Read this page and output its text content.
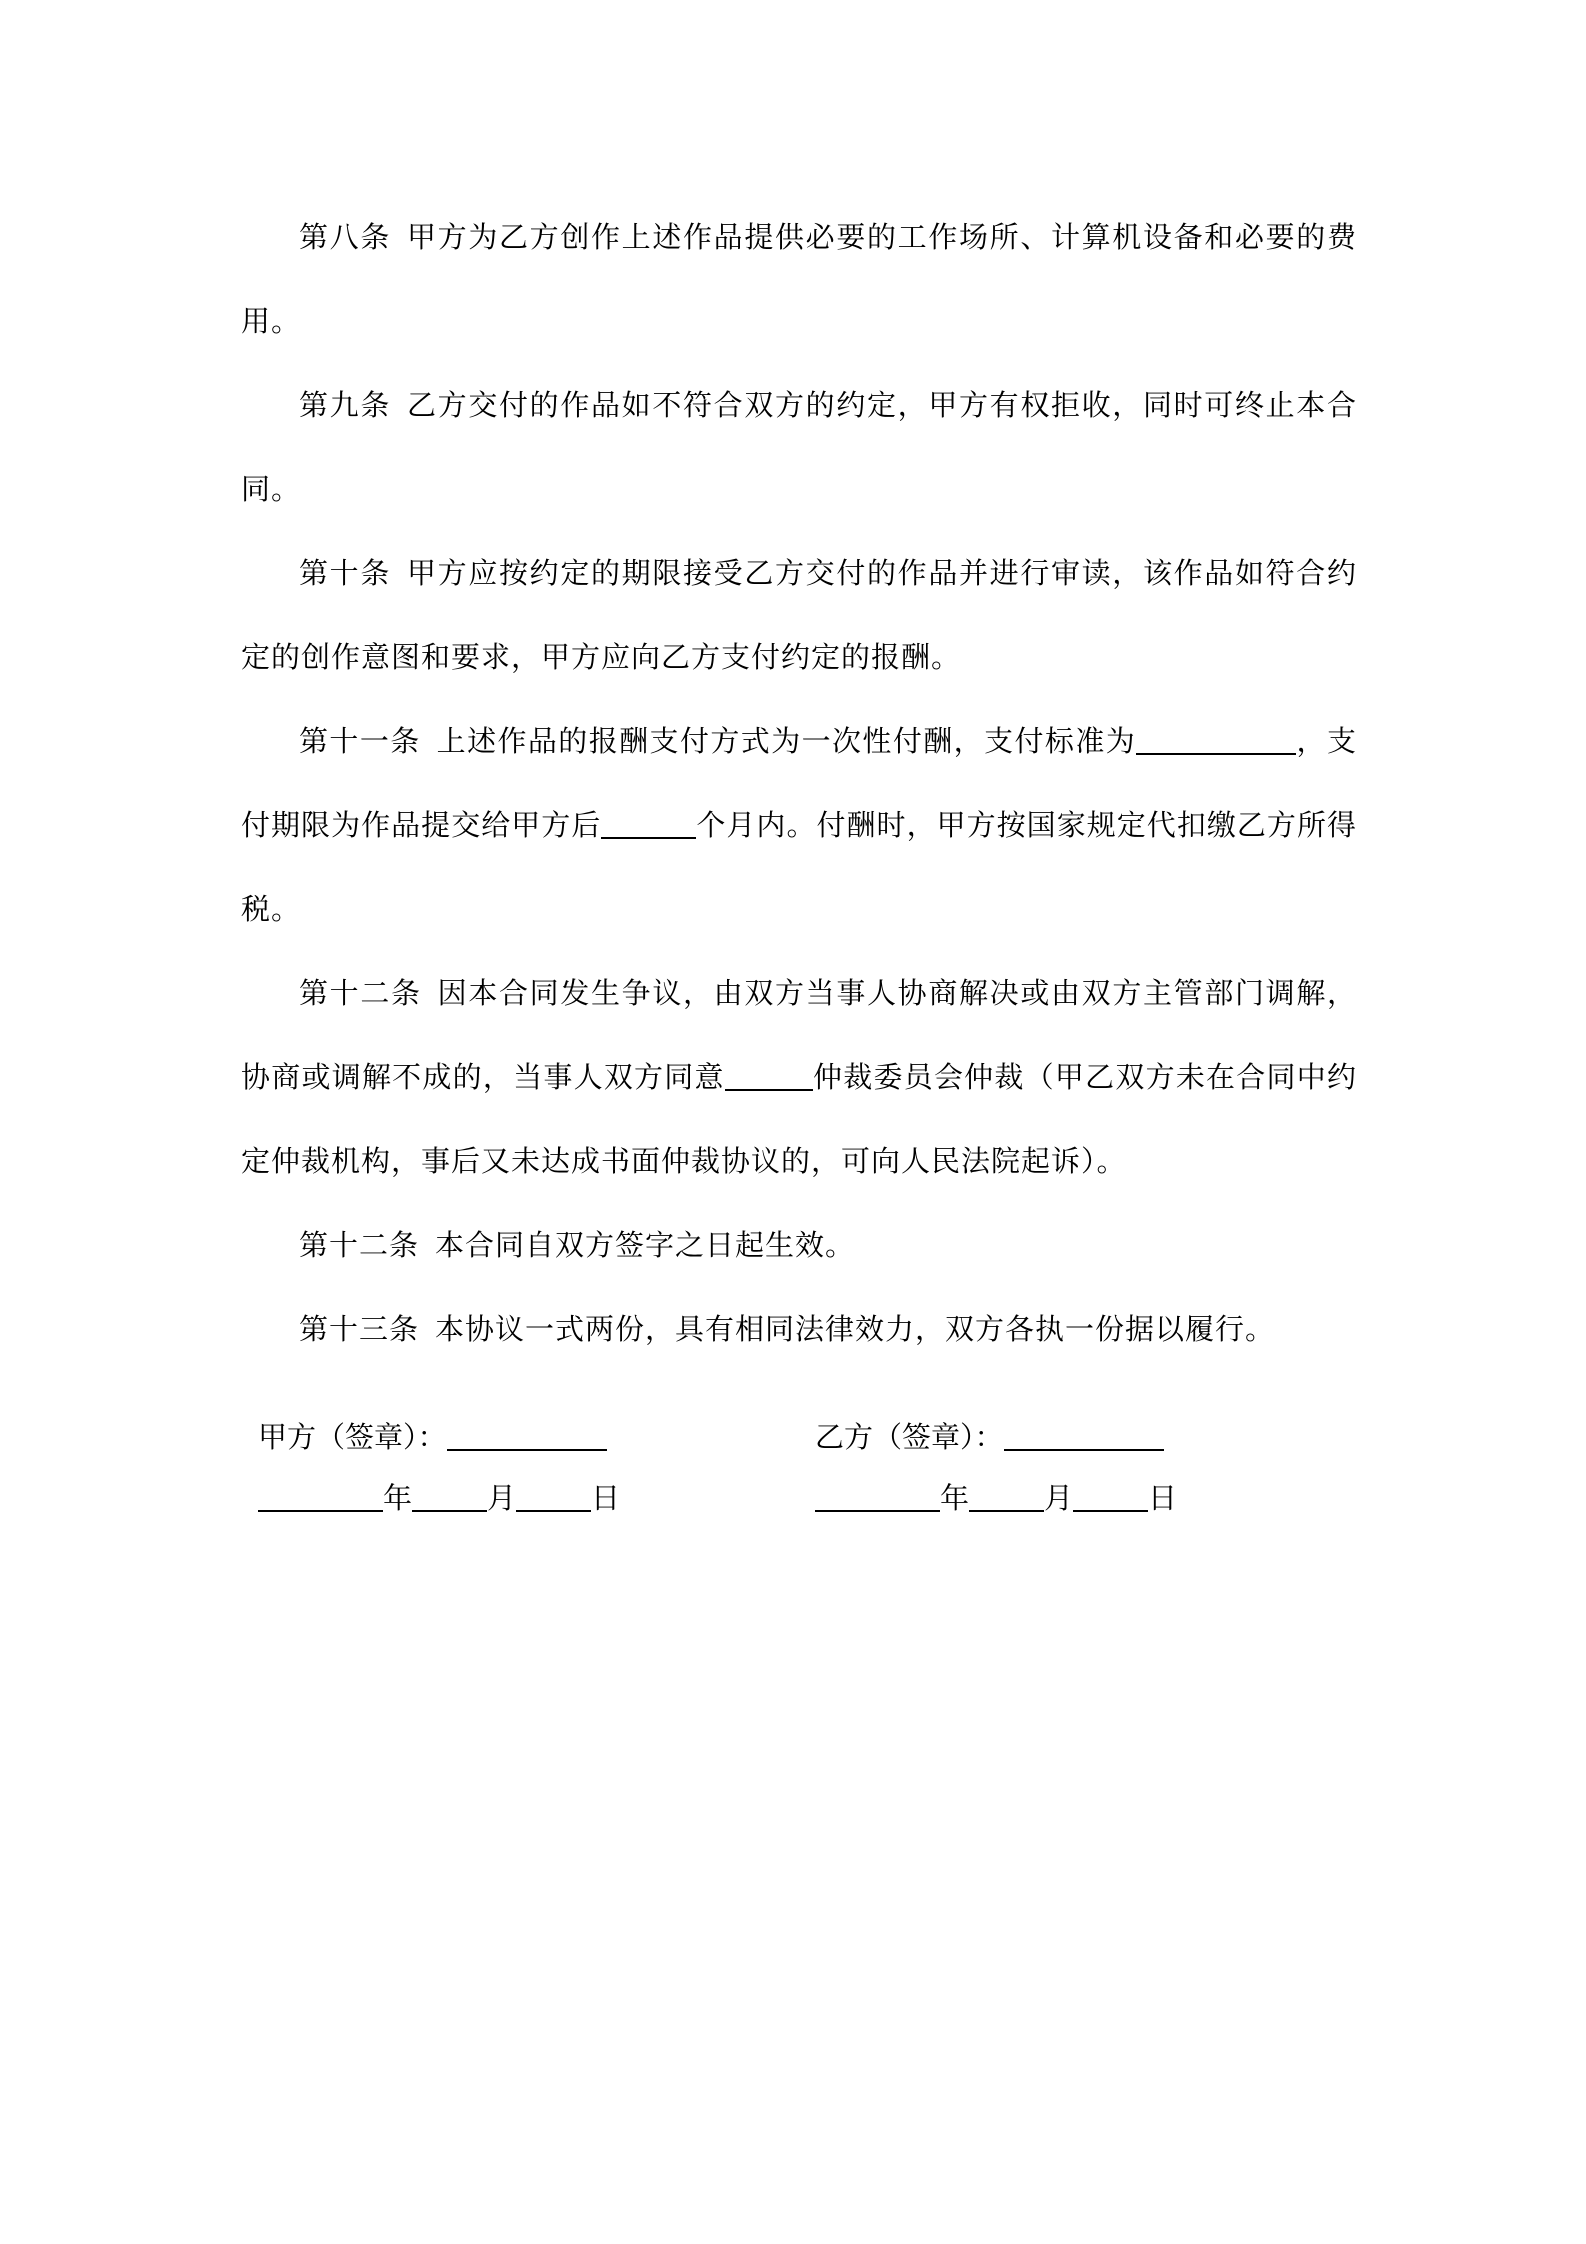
第八条 甲方为乙方创作上述作品提供必要的工作场所、计算机设备和必要的费用。

第九条 乙方交付的作品如不符合双方的约定，甲方有权拒收，同时可终止本合同。

第十条 甲方应按约定的期限接受乙方交付的作品并进行审读，该作品如符合约定的创作意图和要求，甲方应向乙方支付约定的报酬。

第十一条 上述作品的报酬支付方式为一次性付酬，支付标准为	，支付期限为作品提交给甲方后	个月内。付酬时，甲方按国家规定代扣缴乙方所得税。

第十二条 因本合同发生争议，由双方当事人协商解决或由双方主管部门调解，协商或调解不成的，当事人双方同意	仲裁委员会仲裁（甲乙双方未在合同中约定仲裁机构，事后又未达成书面仲裁协议的，可向人民法院起诉）。

第十二条 本合同自双方签字之日起生效。

第十三条 本协议一式两份，具有相同法律效力，双方各执一份据以履行。

甲方（签章）：	乙方（签章）：
年	月	日	年	月	日
